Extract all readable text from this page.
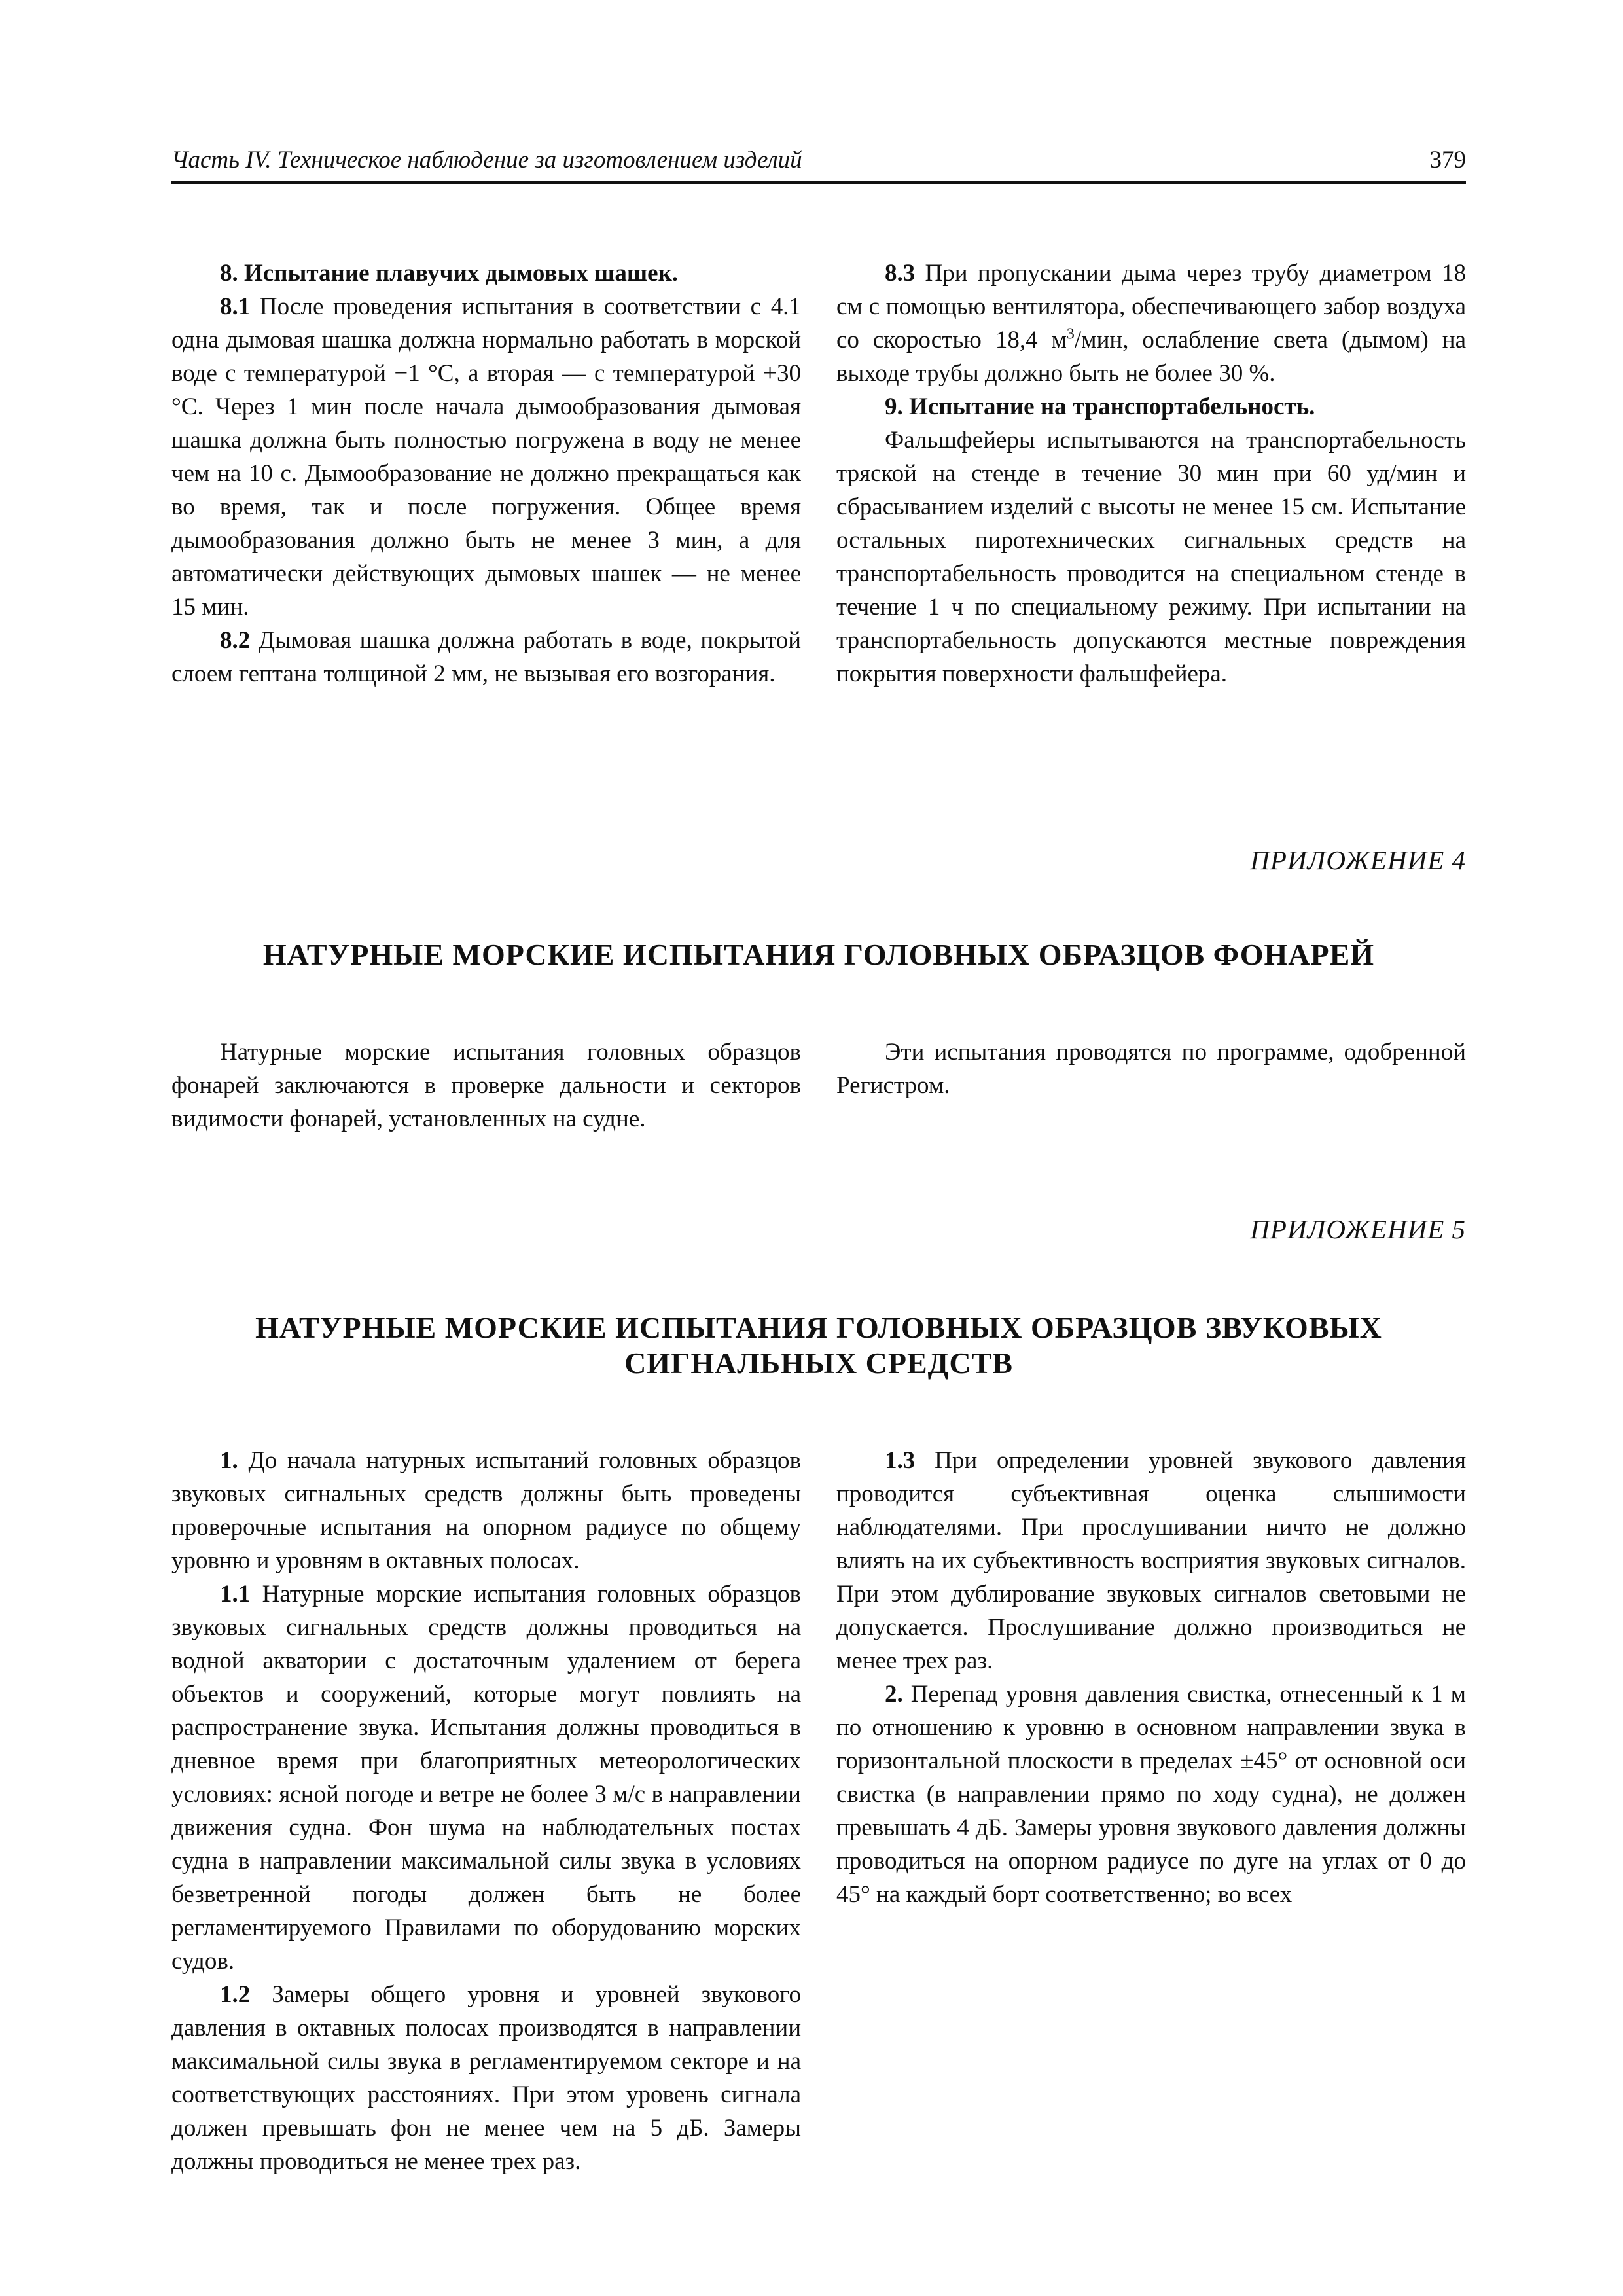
Часть IV. Техническое наблюдение за изготовлением изделий	379

8. Испытание плавучих дымовых шашек.

8.1 После проведения испытания в соответствии с 4.1 одна дымовая шашка должна нормально работать в морской воде с температурой −1 °С, а вторая — с температурой +30 °С. Через 1 мин после начала дымообразования дымовая шашка должна быть полностью погружена в воду не менее чем на 10 с. Дымообразование не должно прекращаться как во время, так и после погружения. Общее время дымообразования должно быть не менее 3 мин, а для автоматически действующих дымовых шашек — не менее 15 мин.

8.2 Дымовая шашка должна работать в воде, покрытой слоем гептана толщиной 2 мм, не вызывая его возгорания.

8.3 При пропускании дыма через трубу диаметром 18 см с помощью вентилятора, обеспечивающего забор воздуха со скоростью 18,4 $м^3$/мин, ослабление света (дымом) на выходе трубы должно быть не более 30 %.

9. Испытание на транспортабельность.

Фальшфейеры испытываются на транспортабельность тряской на стенде в течение 30 мин при 60 уд/мин и сбрасыванием изделий с высоты не менее 15 см. Испытание остальных пиротехнических сигнальных средств на транспортабельность проводится на специальном стенде в течение 1 ч по специальному режиму. При испытании на транспортабельность допускаются местные повреждения покрытия поверхности фальшфейера.

ПРИЛОЖЕНИЕ 4
НАТУРНЫЕ МОРСКИЕ ИСПЫТАНИЯ ГОЛОВНЫХ ОБРАЗЦОВ ФОНАРЕЙ

Натурные морские испытания головных образцов фонарей заключаются в проверке дальности и секторов видимости фонарей, установленных на судне.

Эти испытания проводятся по программе, одобренной Регистром.

ПРИЛОЖЕНИЕ 5
НАТУРНЫЕ МОРСКИЕ ИСПЫТАНИЯ ГОЛОВНЫХ ОБРАЗЦОВ ЗВУКОВЫХ
СИГНАЛЬНЫХ СРЕДСТВ

1. До начала натурных испытаний головных образцов звуковых сигнальных средств должны быть проведены проверочные испытания на опорном радиусе по общему уровню и уровням в октавных полосах.

1.1 Натурные морские испытания головных образцов звуковых сигнальных средств должны проводиться на водной акватории с достаточным удалением от берега объектов и сооружений, которые могут повлиять на распространение звука. Испытания должны проводиться в дневное время при благоприятных метеорологических условиях: ясной погоде и ветре не более 3 м/с в направлении движения судна. Фон шума на наблюдательных постах судна в направлении максимальной силы звука в условиях безветренной погоды должен быть не более регламентируемого Правилами по оборудованию морских судов.

1.2 Замеры общего уровня и уровней звукового давления в октавных полосах производятся в направлении максимальной силы звука в регламентируемом секторе и на соответствующих расстояниях. При этом уровень сигнала должен превышать фон не менее чем на 5 дБ. Замеры должны проводиться не менее трех раз.

1.3 При определении уровней звукового давления проводится субъективная оценка слышимости наблюдателями. При прослушивании ничто не должно влиять на их субъективность восприятия звуковых сигналов. При этом дублирование звуковых сигналов световыми не допускается. Прослушивание должно производиться не менее трех раз.

2. Перепад уровня давления свистка, отнесенный к 1 м по отношению к уровню в основном направлении звука в горизонтальной плоскости в пределах ±45° от основной оси свистка (в направлении прямо по ходу судна), не должен превышать 4 дБ. Замеры уровня звукового давления должны проводиться на опорном радиусе по дуге на углах от 0 до 45° на каждый борт соответственно; во всех
